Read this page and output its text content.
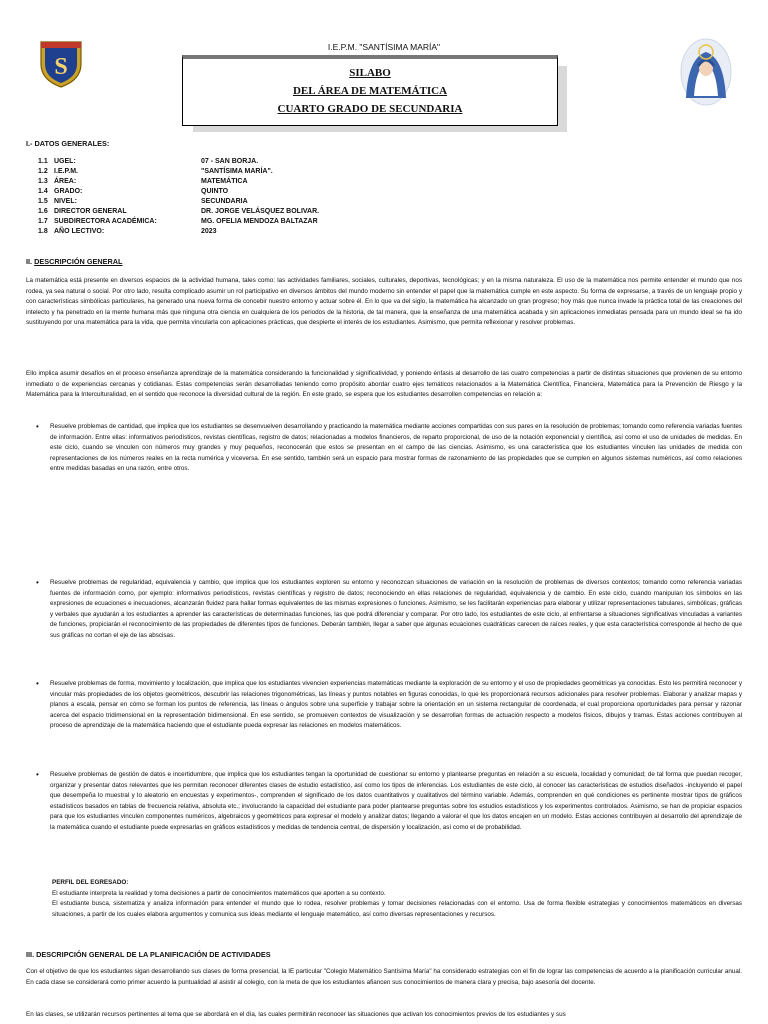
S
I.E.P.M. "SANTÍSIMA MARÍA"
SILABO
DEL ÁREA DE MATEMÁTICA
CUARTO GRADO DE SECUNDARIA
I.- DATOS GENERALES:
1.1 UGEL:	07 - SAN BORJA.
1.2 I.E.P.M.	"SANTÍSIMA MARÍA".
1.3 ÁREA:	MATEMÁTICA
1.4 GRADO:	QUINTO
1.5 NIVEL:	SECUNDARIA
1.6 DIRECTOR GENERAL	DR. JORGE VELÁSQUEZ BOLIVAR.
1.7 SUBDIRECTORA ACADÉMICA:	MG. OFELIA MENDOZA BALTAZAR
1.8 AÑO LECTIVO:	2023
II. DESCRIPCIÓN GENERAL
La matemática está presente en diversos espacios de la actividad humana, tales como: las actividades familiares, sociales, culturales, deportivas, tecnológicas; y en la misma naturaleza. El uso de la matemática nos permite entender el mundo que nos rodea, ya sea natural o social. Por otro lado, resulta complicado asumir un rol participativo en diversos ámbitos del mundo moderno sin entender el papel que la matemática cumple en este aspecto. Su forma de expresarse, a través de un lenguaje propio y con características simbólicas particulares, ha generado una nueva forma de concebir nuestro entorno y actuar sobre él. En lo que va del siglo, la matemática ha alcanzado un gran progreso; hoy más que nunca invade la práctica total de las creaciones del intelecto y ha penetrado en la mente humana más que ninguna otra ciencia en cualquiera de los periodos de la historia, de tal manera, que la enseñanza de una matemática acabada y sin aplicaciones inmediatas pensada para un mundo ideal se ha ido sustituyendo por una matemática para la vida, que permita vincularla con aplicaciones prácticas, que despierte el interés de los estudiantes. Asimismo, que permita reflexionar y resolver problemas.
Ello implica asumir desafíos en el proceso enseñanza aprendizaje de la matemática considerando la funcionalidad y significatividad, y poniendo énfasis al desarrollo de las cuatro competencias a partir de distintas situaciones que provienen de su entorno inmediato o de experiencias cercanas y cotidianas. Estas competencias serán desarrolladas teniendo como propósito abordar cuatro ejes temáticos relacionados a la Matemática Científica, Financiera, Matemática para la Prevención de Riesgo y la Matemática para la Interculturalidad, en el sentido que reconoce la diversidad cultural de la región. En este grado, se espera que los estudiantes desarrollen competencias en relación a:
• Resuelve problemas de cantidad, que implica que los estudiantes se desenvuelven desarrollando y practicando la matemática mediante acciones compartidas con sus pares en la resolución de problemas; tomando como referencia variadas fuentes de información. Entre ellas: informativos periodísticos, revistas científicas, registro de datos; relacionadas a modelos financieros, de reparto proporcional, de uso de la notación exponencial y científica, así como el uso de unidades de medidas. En este ciclo, cuando se vinculen con números muy grandes y muy pequeños, reconocerán que estos se presentan en el campo de las ciencias. Asimismo, es una característica que los estudiantes vinculen las unidades de medida con representaciones de los números reales en la recta numérica y viceversa. En ese sentido, también será un espacio para mostrar formas de razonamiento de las propiedades que se cumplen en algunos sistemas numéricos, así como relaciones entre medidas basadas en una razón, entre otros.
• Resuelve problemas de regularidad, equivalencia y cambio, que implica que los estudiantes exploren su entorno y reconozcan situaciones de variación en la resolución de problemas de diversos contextos; tomando como referencia variadas fuentes de información como, por ejemplo: informativos periodísticos, revistas científicas y registro de datos; reconociendo en ellas relaciones de regularidad, equivalencia y de cambio. En este ciclo, cuando manipulan los símbolos en las expresiones de ecuaciones e inecuaciones, alcanzarán fluidez para hallar formas equivalentes de las mismas expresiones o funciones. Asimismo, se les facilitarán experiencias para elaborar y utilizar representaciones tabulares, simbólicas, gráficas y verbales que ayudarán a los estudiantes a aprender las características de determinadas funciones, las que podrá diferenciar y comparar. Por otro lado, los estudiantes de este ciclo, al enfrentarse a situaciones significativas vinculadas a variantes de funciones, propiciarán el reconocimiento de las propiedades de diferentes tipos de funciones. Deberán también, llegar a saber que algunas ecuaciones cuadráticas carecen de raíces reales, y que esta característica corresponde al hecho de que sus gráficas no cortan el eje de las abscisas.
• Resuelve problemas de forma, movimiento y localización, que implica que los estudiantes vivencien experiencias matemáticas mediante la exploración de su entorno y el uso de propiedades geométricas ya conocidas. Esto les permitirá reconocer y vincular más propiedades de los objetos geométricos, descubrir las relaciones trigonométricas, las líneas y puntos notables en figuras conocidas, lo que les proporcionará recursos adicionales para resolver problemas. Elaborar y analizar mapas y planos a escala, pensar en cómo se forman los puntos de referencia, las líneas o ángulos sobre una superficie y trabajar sobre la orientación en un sistema rectangular de coordenada, el cual proporciona oportunidades para pensar y razonar acerca del espacio tridimensional en la representación bidimensional. En ese sentido, se promueven contextos de visualización y se desarrollan formas de actuación respecto a modelos físicos, dibujos y tramas. Estas acciones contribuyen al proceso de aprendizaje de la matemática haciendo que el estudiante pueda expresar las relaciones en modelos matemáticos.
• Resuelve problemas de gestión de datos e incertidumbre, que implica que los estudiantes tengan la oportunidad de cuestionar su entorno y plantearse preguntas en relación a su escuela, localidad y comunidad; de tal forma que puedan recoger, organizar y presentar datos relevantes que les permitan reconocer diferentes clases de estudio estadístico, así como los tipos de inferencias. Los estudiantes de este ciclo, al conocer las características de estudios diseñados -incluyendo el papel que desempeña lo muestral y lo aleatorio en encuestas y experimentos-, comprenden el significado de los datos cuantitativos y cualitativos del término variable. Además, comprenden en qué condiciones es pertinente mostrar tipos de gráficos estadísticos basados en tablas de frecuencia relativa, absoluta etc.; involucrando la capacidad del estudiante para poder plantearse preguntas sobre los estudios estadísticos y los experimentos controlados. Asimismo, se han de propiciar espacios para que los estudiantes vinculen componentes numéricos, algebraicos y geométricos para expresar el modelo y analizar datos; llegando a valorar el que los datos encajen en un modelo. Estas acciones contribuyen al desarrollo del aprendizaje de la matemática cuando el estudiante puede expresarlas en gráficos estadísticos y medidas de tendencia central, de dispersión y localización, así como el de probabilidad.
PERFIL DEL EGRESADO:
El estudiante interpreta la realidad y toma decisiones a partir de conocimientos matemáticos que aporten a su contexto.
El estudiante busca, sistematiza y analiza información para entender el mundo que lo rodea, resolver problemas y tomar decisiones relacionadas con el entorno. Usa de forma flexible estrategias y conocimientos matemáticos en diversas situaciones, a partir de los cuales elabora argumentos y comunica sus ideas mediante el lenguaje matemático, así como diversas representaciones y recursos.
III. DESCRIPCIÓN GENERAL DE LA PLANIFICACIÓN DE ACTIVIDADES
Con el objetivo de que los estudiantes sigan desarrollando sus clases de forma presencial, la IE particular "Colegio Matemático Santísima María" ha considerado estrategias con el fin de lograr las competencias de acuerdo a la planificación curricular anual. En cada clase se considerará como primer acuerdo la puntualidad al asistir al colegio, con la meta de que los estudiantes afiancen sus conocimientos de manera clara y precisa, bajo asesoría del docente.
En las clases, se utilizarán recursos pertinentes al tema que se abordará en el día, las cuales permitirán reconocer las situaciones que activan los conocimientos previos de los estudiantes y sus
